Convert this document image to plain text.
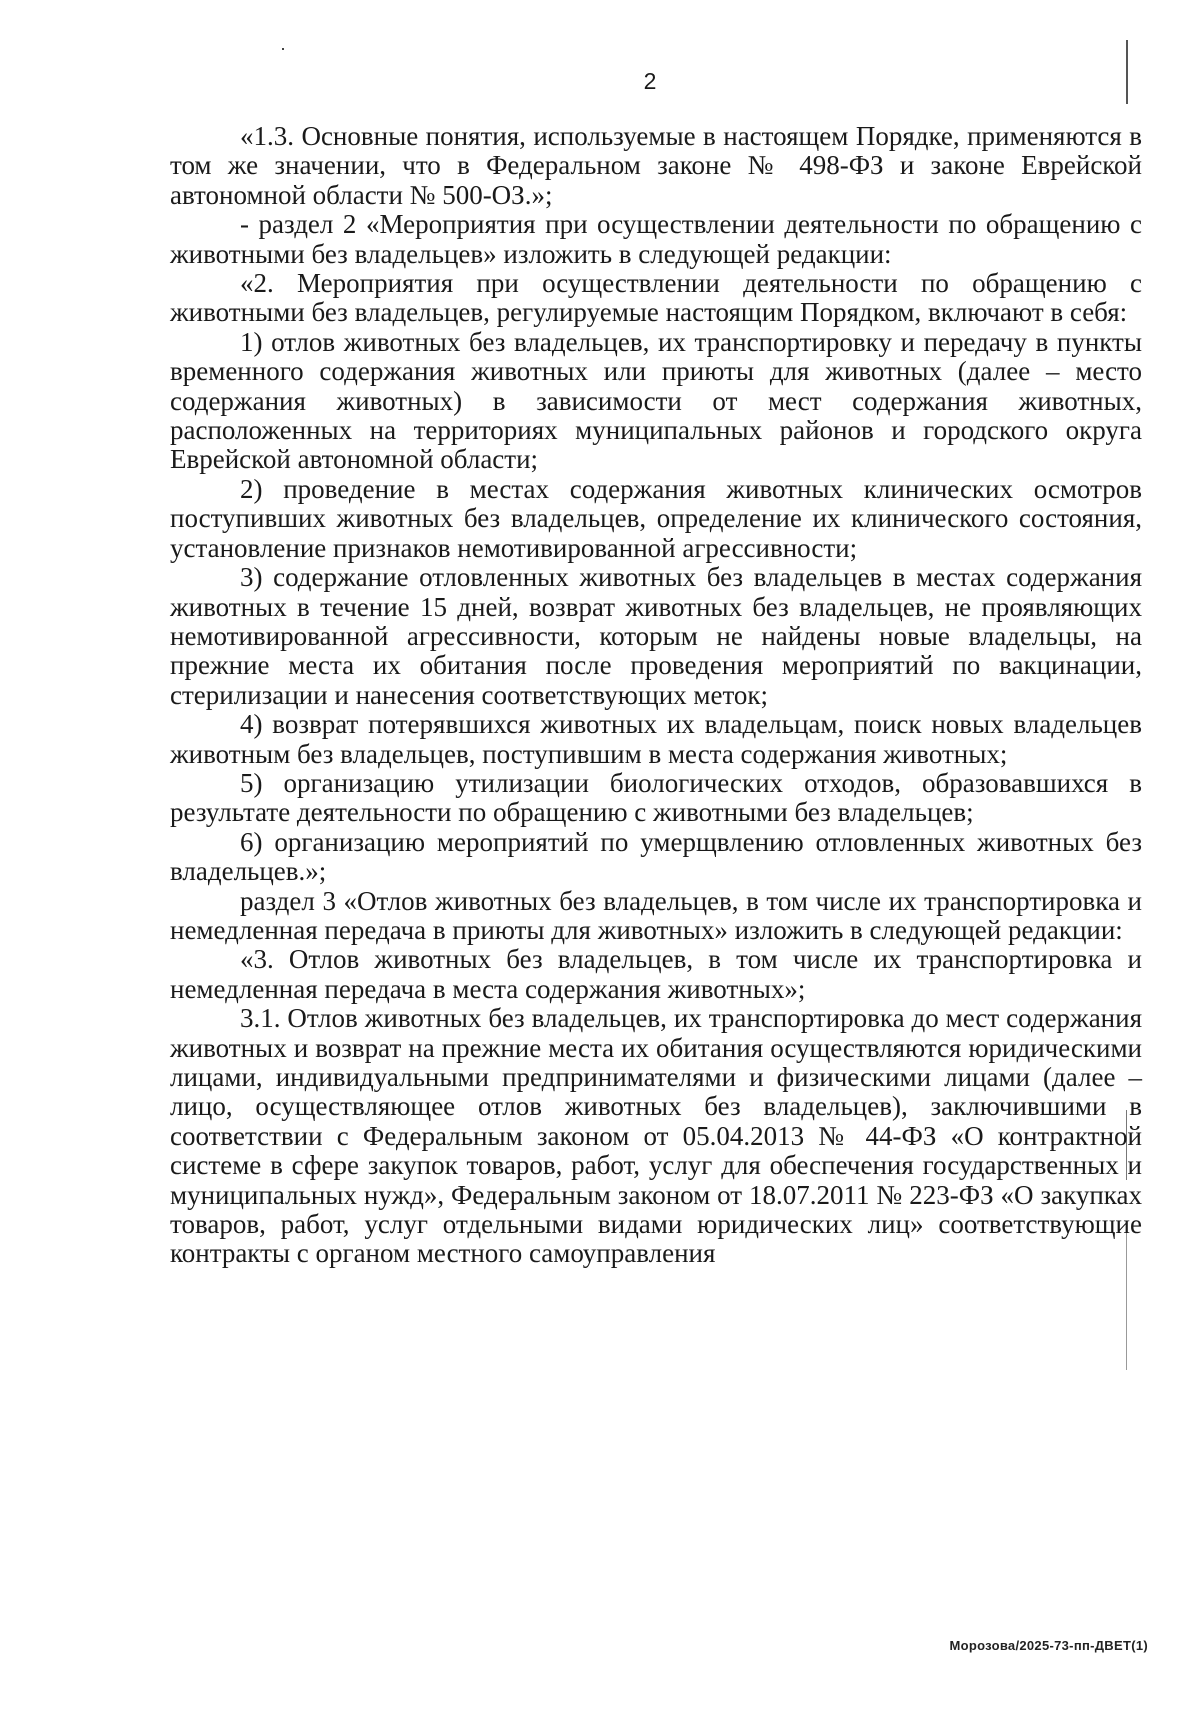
2

«1.3. Основные понятия, используемые в настоящем Порядке, применяются в том же значении, что в Федеральном законе № 498-ФЗ и законе Еврейской автономной области № 500-ОЗ.»;

- раздел 2 «Мероприятия при осуществлении деятельности по обращению с животными без владельцев» изложить в следующей редакции:

«2. Мероприятия при осуществлении деятельности по обращению с животными без владельцев, регулируемые настоящим Порядком, включают в себя:

1) отлов животных без владельцев, их транспортировку и передачу в пункты временного содержания животных или приюты для животных (далее – место содержания животных) в зависимости от мест содержания животных, расположенных на территориях муниципальных районов и городского округа Еврейской автономной области;

2) проведение в местах содержания животных клинических осмотров поступивших животных без владельцев, определение их клинического состояния, установление признаков немотивированной агрессивности;

3) содержание отловленных животных без владельцев в местах содержания животных в течение 15 дней, возврат животных без владельцев, не проявляющих немотивированной агрессивности, которым не найдены новые владельцы, на прежние места их обитания после проведения мероприятий по вакцинации, стерилизации и нанесения соответствующих меток;

4) возврат потерявшихся животных их владельцам, поиск новых владельцев животным без владельцев, поступившим в места содержания животных;

5) организацию утилизации биологических отходов, образовавшихся в результате деятельности по обращению с животными без владельцев;

6) организацию мероприятий по умерщвлению отловленных животных без владельцев.»;

раздел 3 «Отлов животных без владельцев, в том числе их транспортировка и немедленная передача в приюты для животных» изложить в следующей редакции:

«3. Отлов животных без владельцев, в том числе их транспортировка и немедленная передача в места содержания животных»;

3.1. Отлов животных без владельцев, их транспортировка до мест содержания животных и возврат на прежние места их обитания осуществляются юридическими лицами, индивидуальными предпринимателями и физическими лицами (далее – лицо, осуществляющее отлов животных без владельцев), заключившими в соответствии с Федеральным законом от 05.04.2013 № 44-ФЗ «О контрактной системе в сфере закупок товаров, работ, услуг для обеспечения государственных и муниципальных нужд», Федеральным законом от 18.07.2011 № 223-ФЗ «О закупках товаров, работ, услуг отдельными видами юридических лиц» соответствующие контракты с органом местного самоуправления

Морозова/2025-73-пп-ДВЕТ(1)
